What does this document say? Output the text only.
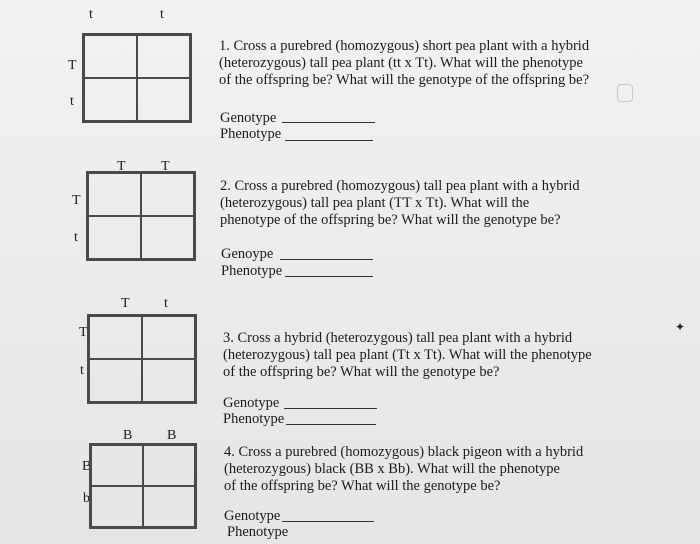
t	t
T
t
T	T
T
t
T t
T
t
B B
B
b
1. Cross a purebred (homozygous) short pea plant with a hybrid
(heterozygous) tall pea plant (tt x Tt). What will the phenotype
of the offspring be? What will the genotype of the offspring be?
Genotype
Phenotype
2. Cross a purebred (homozygous) tall pea plant with a hybrid
(heterozygous) tall pea plant (TT x Tt). What will the
phenotype of the offspring be? What will the genotype be?
Genoype
Phenotype
3. Cross a hybrid (heterozygous) tall pea plant with a hybrid
(heterozygous) tall pea plant (Tt x Tt). What will the phenotype
of the offspring be? What will the genotype be?
Genotype
Phenotype
4. Cross a purebred (homozygous) black pigeon with a hybrid
(heterozygous) black (BB x Bb). What will the phenotype
of the offspring be? What will the genotype be?
Genotype
Phenotype
✦
